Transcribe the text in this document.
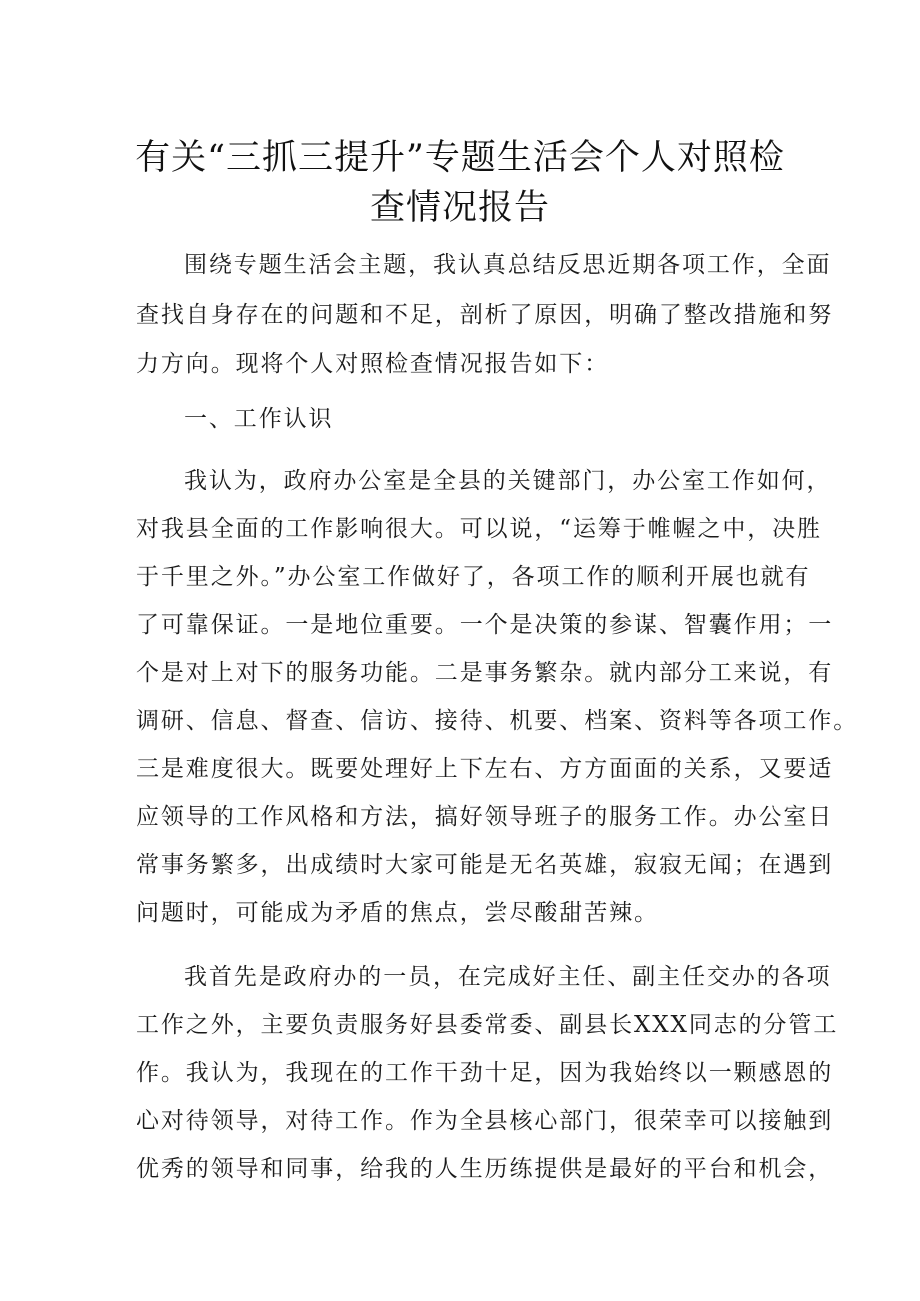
有关“三抓三提升”专题生活会个人对照检
查情况报告
围绕专题生活会主题，我认真总结反思近期各项工作，全面
查找自身存在的问题和不足，剖析了原因，明确了整改措施和努
力方向。现将个人对照检查情况报告如下：
一、工作认识
我认为，政府办公室是全县的关键部门，办公室工作如何，
对我县全面的工作影响很大。可以说，“运筹于帷幄之中，决胜
于千里之外。”办公室工作做好了，各项工作的顺利开展也就有
了可靠保证。一是地位重要。一个是决策的参谋、智囊作用；一
个是对上对下的服务功能。二是事务繁杂。就内部分工来说，有
调研、信息、督查、信访、接待、机要、档案、资料等各项工作。
三是难度很大。既要处理好上下左右、方方面面的关系，又要适
应领导的工作风格和方法，搞好领导班子的服务工作。办公室日
常事务繁多，出成绩时大家可能是无名英雄，寂寂无闻；在遇到
问题时，可能成为矛盾的焦点，尝尽酸甜苦辣。
我首先是政府办的一员，在完成好主任、副主任交办的各项
工作之外，主要负责服务好县委常委、副县长XXX同志的分管工
作。我认为，我现在的工作干劲十足，因为我始终以一颗感恩的
心对待领导，对待工作。作为全县核心部门，很荣幸可以接触到
优秀的领导和同事，给我的人生历练提供是最好的平台和机会，
